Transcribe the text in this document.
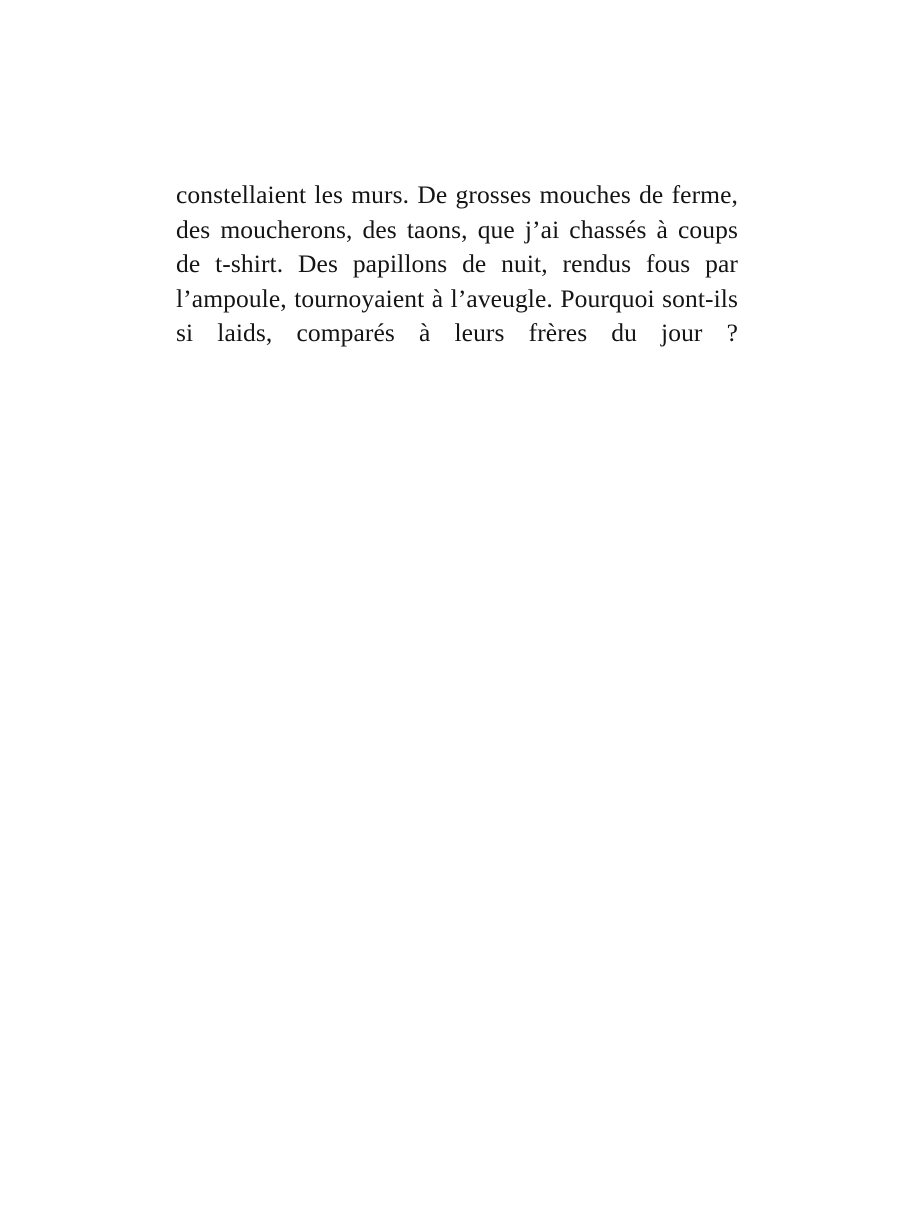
constellaient les murs. De grosses mouches de ferme, des moucherons, des taons, que j’ai chassés à coups de t-shirt. Des papillons de nuit, rendus fous par l’ampoule, tournoyaient à l’aveugle. Pourquoi sont-ils si laids, comparés à leurs frères du jour ?
